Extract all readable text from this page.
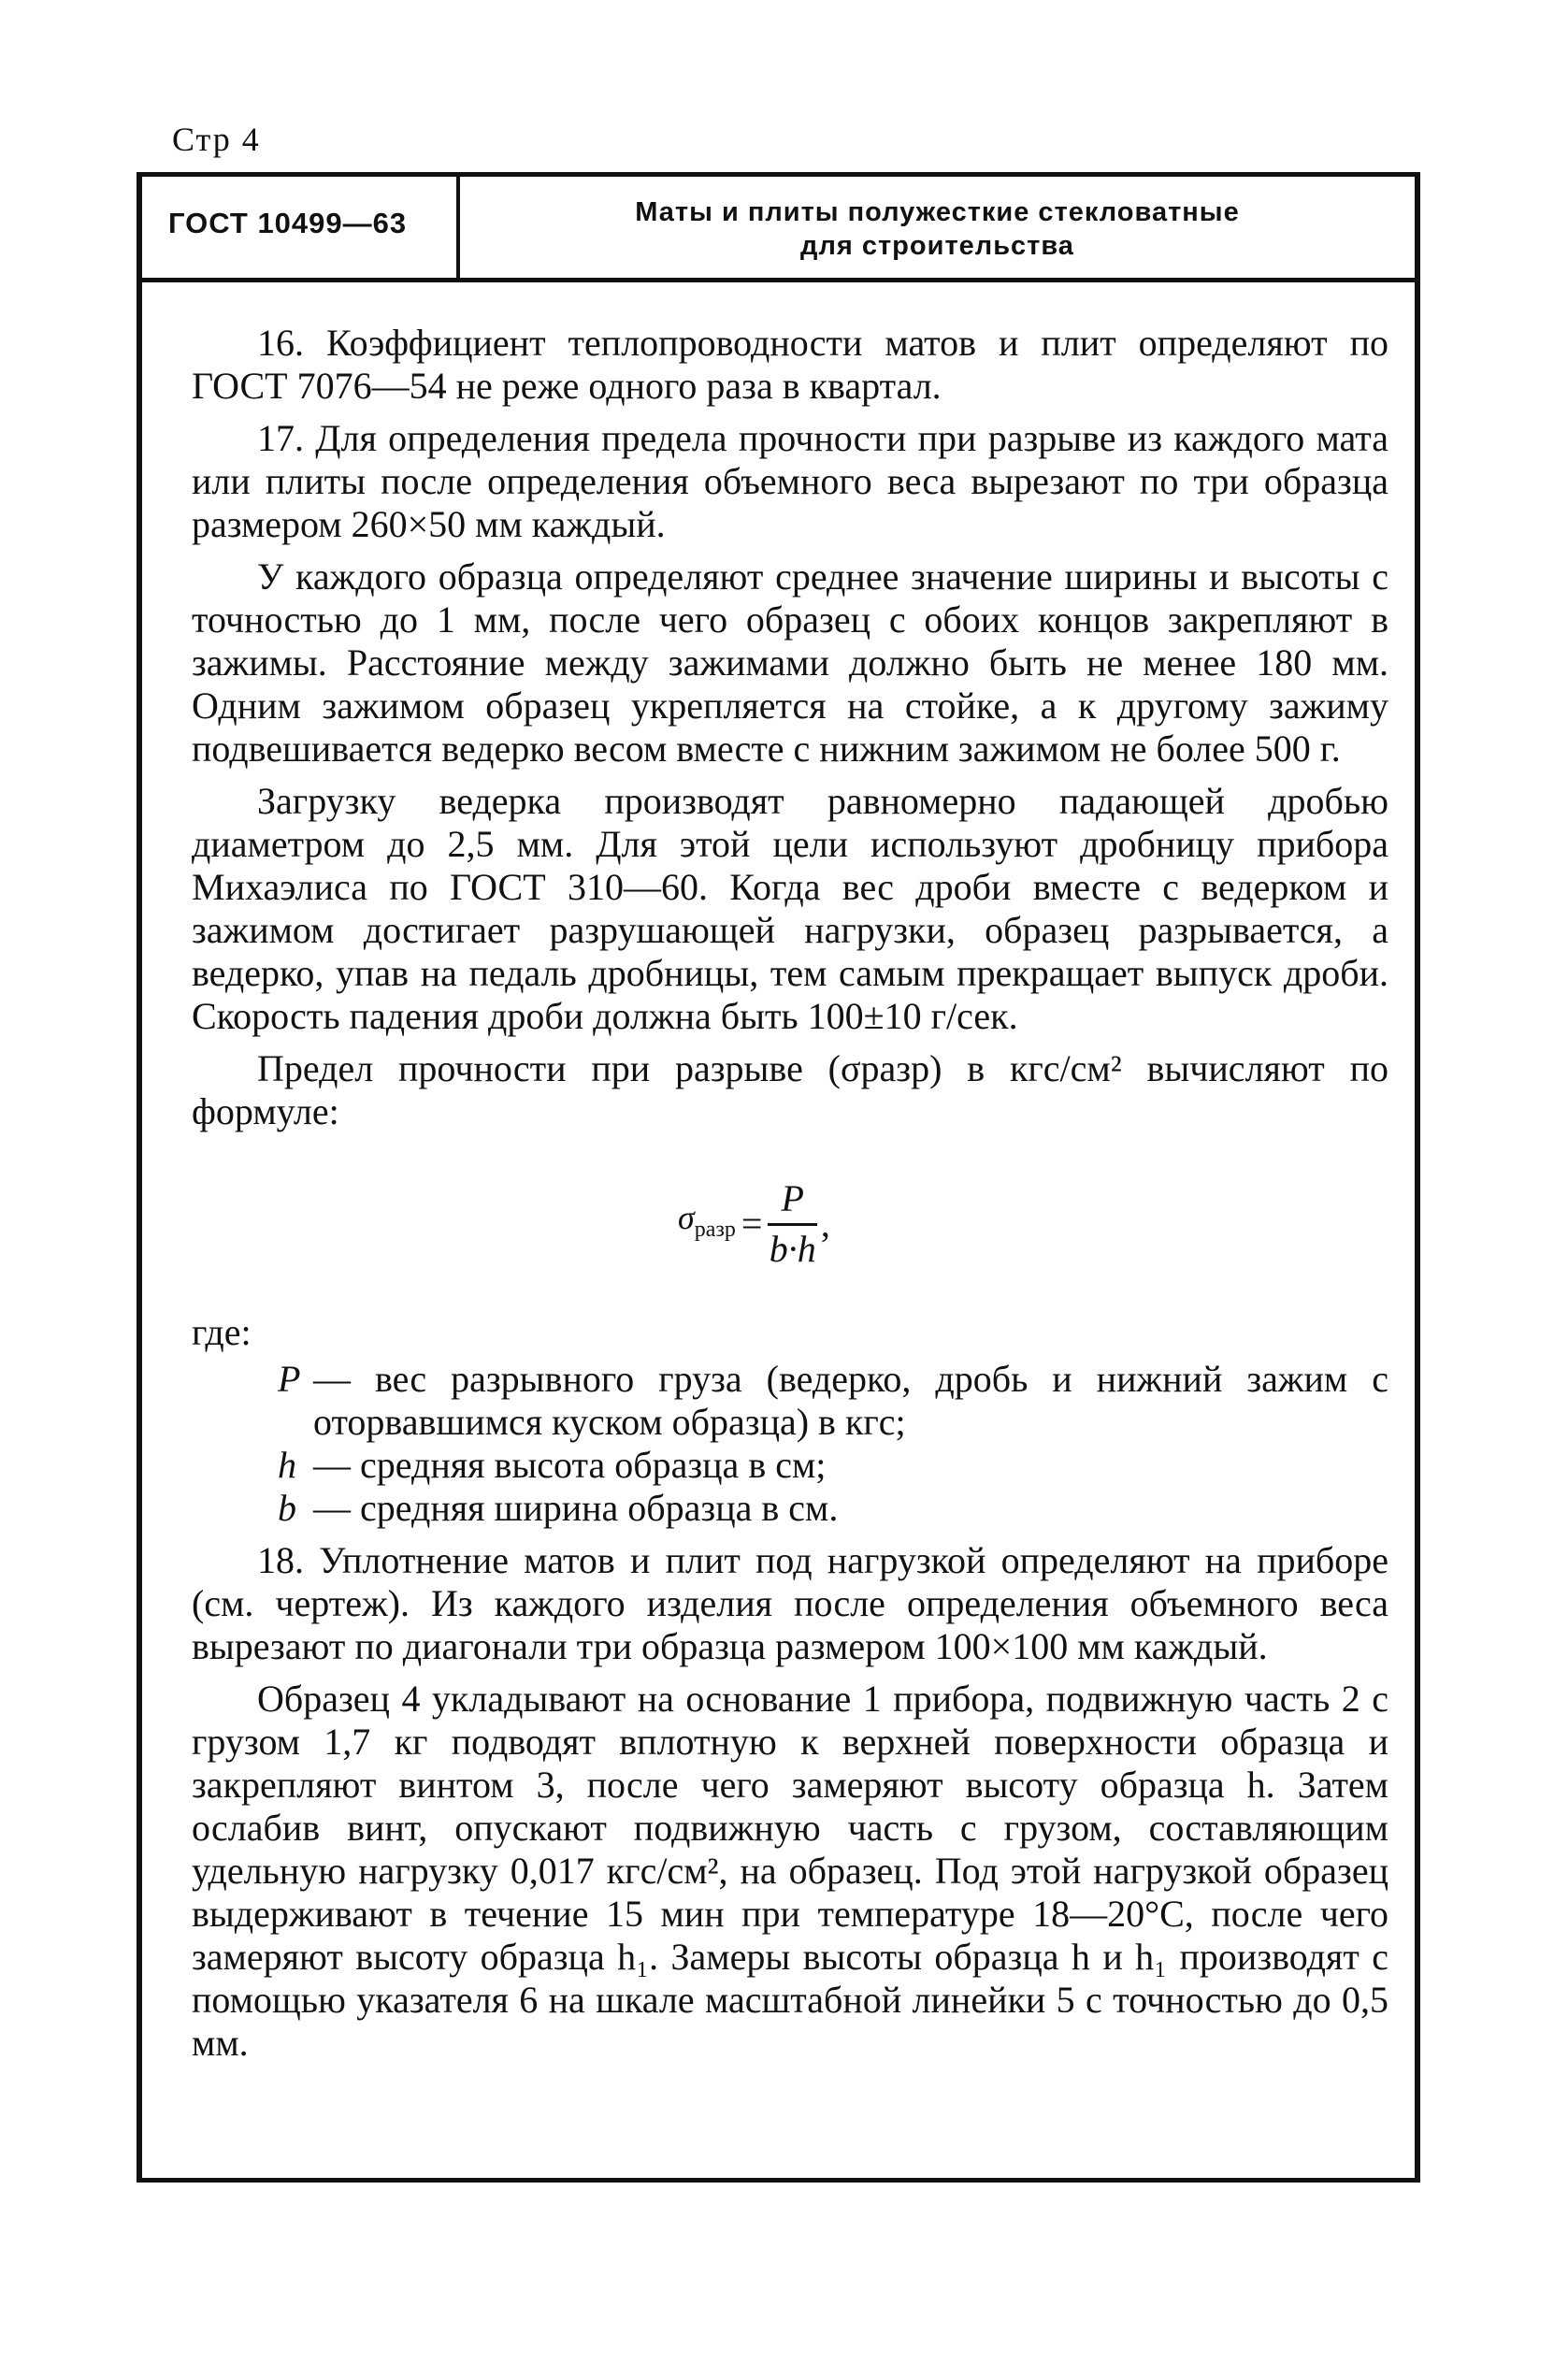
Стр 4
ГОСТ 10499—63	Маты и плиты полужесткие стекловатные
для строительства

16. Коэффициент теплопроводности матов и плит определяют по ГОСТ 7076—54 не реже одного раза в квартал.

17. Для определения предела прочности при разрыве из каждого мата или плиты после определения объемного веса вырезают по три образца размером 260×50 мм каждый.

У каждого образца определяют среднее значение ширины и высоты с точностью до 1 мм, после чего образец с обоих концов закрепляют в зажимы. Расстояние между зажимами должно быть не менее 180 мм. Одним зажимом образец укрепляется на стойке, а к другому зажиму подвешивается ведерко весом вместе с нижним зажимом не более 500 г.

Загрузку ведерка производят равномерно падающей дробью диаметром до 2,5 мм. Для этой цели используют дробницу прибора Михаэлиса по ГОСТ 310—60. Когда вес дроби вместе с ведерком и зажимом достигает разрушающей нагрузки, образец разрывается, а ведерко, упав на педаль дробницы, тем самым прекращает выпуск дроби. Скорость падения дроби должна быть 100±10 г/сек.

Предел прочности при разрыве (σразр) в кгс/см² вычисляют по формуле:

$\sigma_{разр} = \frac{P}{b\cdot h}$ ,
где:
P — вес разрывного груза (ведерко, дробь и нижний зажим с оторвавшимся куском образца) в кгс;
h — средняя высота образца в см;
b — средняя ширина образца в см.

18. Уплотнение матов и плит под нагрузкой определяют на приборе (см. чертеж). Из каждого изделия после определения объемного веса вырезают по диагонали три образца размером 100×100 мм каждый.

Образец 4 укладывают на основание 1 прибора, подвижную часть 2 с грузом 1,7 кг подводят вплотную к верхней поверхности образца и закрепляют винтом 3, после чего замеряют высоту образца h. Затем ослабив винт, опускают подвижную часть с грузом, составляющим удельную нагрузку 0,017 кгс/см², на образец. Под этой нагрузкой образец выдерживают в течение 15 мин при температуре 18—20°С, после чего замеряют высоту образца h₁. Замеры высоты образца h и h₁ производят с помощью указателя 6 на шкале масштабной линейки 5 с точностью до 0,5 мм.
